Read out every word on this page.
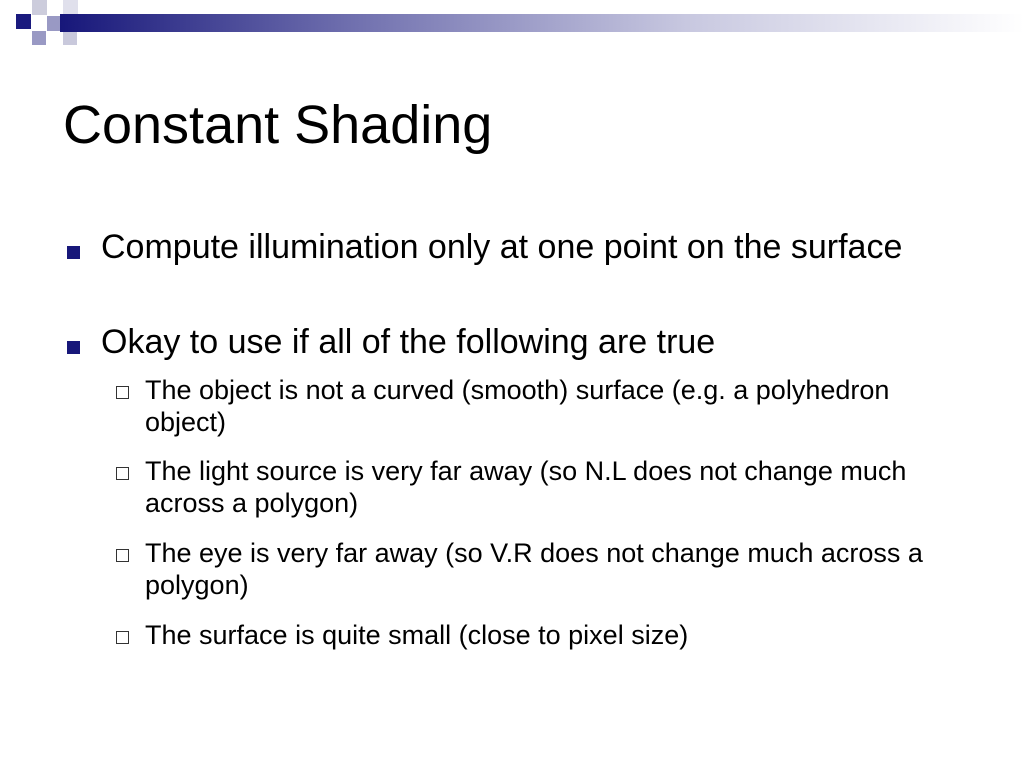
Constant Shading
Compute illumination only at one point on the surface
Okay to use if all of the following are true
The object is not a curved (smooth) surface (e.g. a polyhedron object)
The light source is very far away (so N.L does not change much across a polygon)
The eye is very far away (so V.R does not change much across a polygon)
The surface is quite small (close to pixel size)
